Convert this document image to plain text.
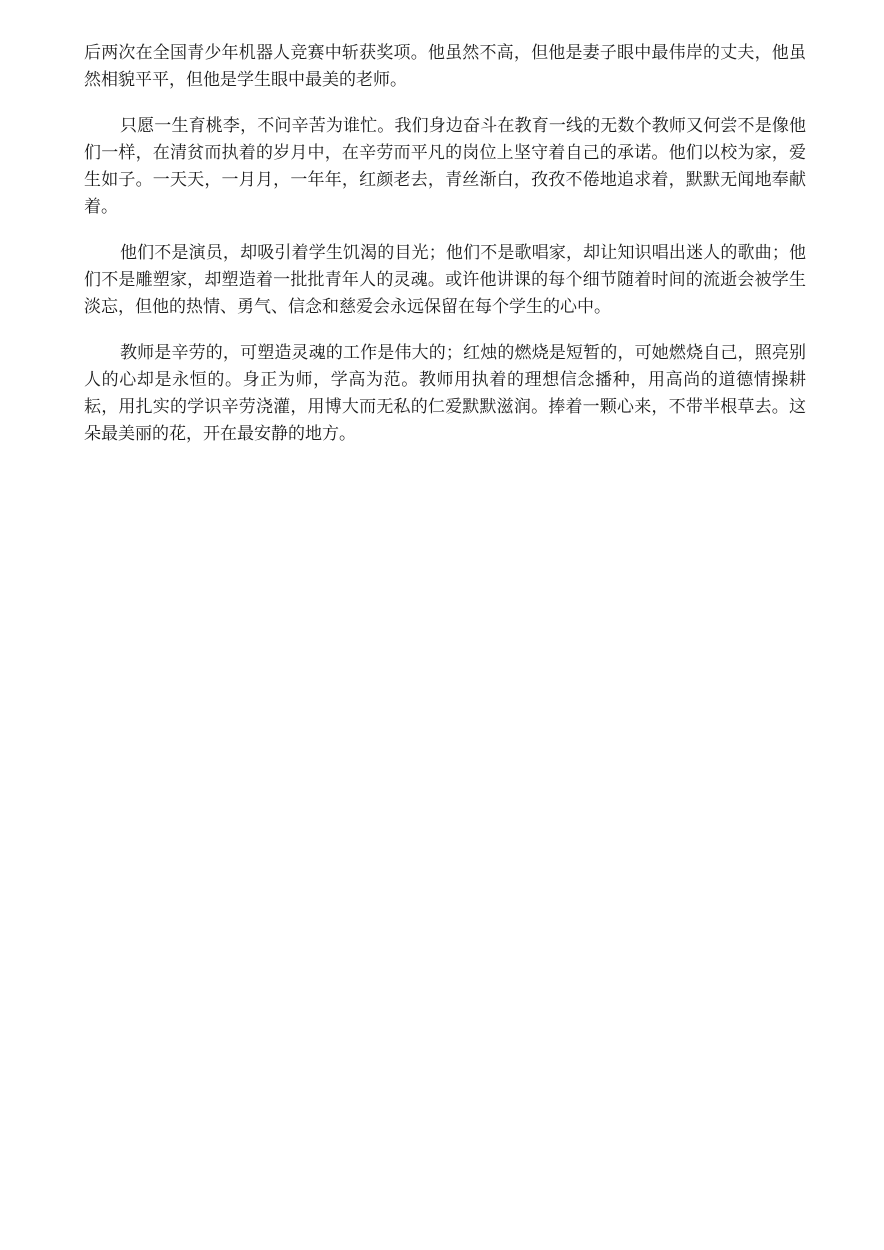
后两次在全国青少年机器人竞赛中斩获奖项。他虽然不高，但他是妻子眼中最伟岸的丈夫，他虽然相貌平平，但他是学生眼中最美的老师。

只愿一生育桃李，不问辛苦为谁忙。我们身边奋斗在教育一线的无数个教师又何尝不是像他们一样，在清贫而执着的岁月中，在辛劳而平凡的岗位上坚守着自己的承诺。他们以校为家，爱生如子。一天天，一月月，一年年，红颜老去，青丝渐白，孜孜不倦地追求着，默默无闻地奉献着。

他们不是演员，却吸引着学生饥渴的目光；他们不是歌唱家，却让知识唱出迷人的歌曲；他们不是雕塑家，却塑造着一批批青年人的灵魂。或许他讲课的每个细节随着时间的流逝会被学生淡忘，但他的热情、勇气、信念和慈爱会永远保留在每个学生的心中。

教师是辛劳的，可塑造灵魂的工作是伟大的；红烛的燃烧是短暂的，可她燃烧自己，照亮别人的心却是永恒的。身正为师，学高为范。教师用执着的理想信念播种，用高尚的道德情操耕耘，用扎实的学识辛劳浇灌，用博大而无私的仁爱默默滋润。捧着一颗心来，不带半根草去。这朵最美丽的花，开在最安静的地方。
